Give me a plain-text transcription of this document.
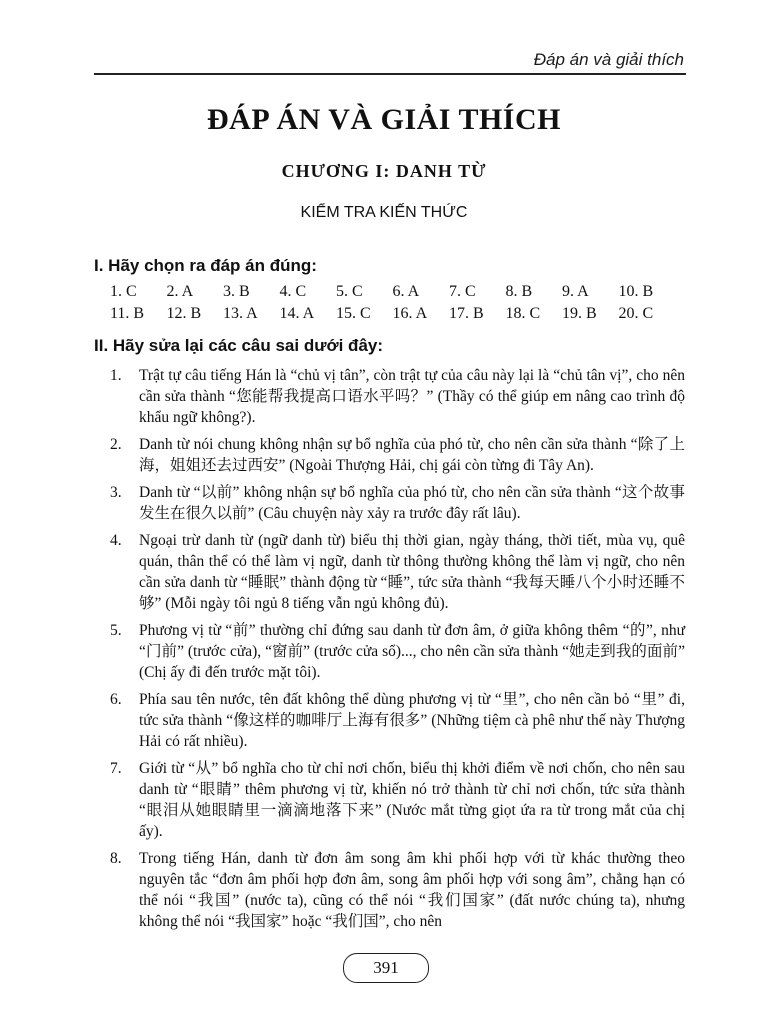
Đáp án và giải thích
ĐÁP ÁN VÀ GIẢI THÍCH
CHƯƠNG I: DANH TỪ
KIỂM TRA KIẾN THỨC
I. Hãy chọn ra đáp án đúng:
1. C	2. A	3. B	4. C	5. C	6. A	7. C	8. B	9. A	10. B
11. B	12. B	13. A	14. A	15. C	16. A	17. B	18. C	19. B	20. C
II. Hãy sửa lại các câu sai dưới đây:
1. Trật tự câu tiếng Hán là “chủ vị tân”, còn trật tự của câu này lại là “chủ tân vị”, cho nên cần sửa thành “您能帮我提高口语水平吗？” (Thầy có thể giúp em nâng cao trình độ khẩu ngữ không?).
2. Danh từ nói chung không nhận sự bổ nghĩa của phó từ, cho nên cần sửa thành “除了上海，姐姐还去过西安” (Ngoài Thượng Hải, chị gái còn từng đi Tây An).
3. Danh từ “以前” không nhận sự bổ nghĩa của phó từ, cho nên cần sửa thành “这个故事发生在很久以前” (Câu chuyện này xảy ra trước đây rất lâu).
4. Ngoại trừ danh từ (ngữ danh từ) biểu thị thời gian, ngày tháng, thời tiết, mùa vụ, quê quán, thân thể có thể làm vị ngữ, danh từ thông thường không thể làm vị ngữ, cho nên cần sửa danh từ “睡眠” thành động từ “睡”, tức sửa thành “我每天睡八个小时还睡不够” (Mỗi ngày tôi ngủ 8 tiếng vẫn ngủ không đủ).
5. Phương vị từ “前” thường chỉ đứng sau danh từ đơn âm, ở giữa không thêm “的”, như “门前” (trước cửa), “窗前” (trước cửa sổ)..., cho nên cần sửa thành “她走到我的面前” (Chị ấy đi đến trước mặt tôi).
6. Phía sau tên nước, tên đất không thể dùng phương vị từ “里”, cho nên cần bỏ “里” đi, tức sửa thành “像这样的咖啡厅上海有很多” (Những tiệm cà phê như thế này Thượng Hải có rất nhiều).
7. Giới từ “从” bổ nghĩa cho từ chỉ nơi chốn, biểu thị khởi điểm về nơi chốn, cho nên sau danh từ “眼睛” thêm phương vị từ, khiến nó trở thành từ chỉ nơi chốn, tức sửa thành “眼泪从她眼睛里一滴滴地落下来” (Nước mắt từng giọt ứa ra từ trong mắt của chị ấy).
8. Trong tiếng Hán, danh từ đơn âm song âm khi phối hợp với từ khác thường theo nguyên tắc “đơn âm phối hợp đơn âm, song âm phối hợp với song âm”, chẳng hạn có thể nói “我国” (nước ta), cũng có thể nói “我们国家” (đất nước chúng ta), nhưng không thể nói “我国家” hoặc “我们国”, cho nên
391
